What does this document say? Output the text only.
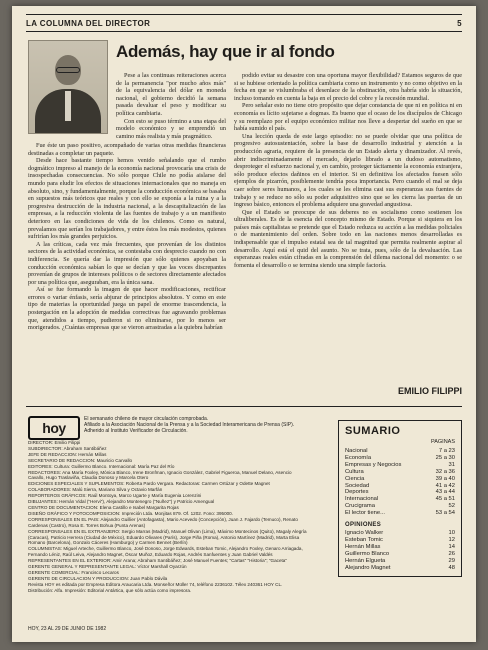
LA COLUMNA DEL DIRECTOR	5
Además, hay que ir al fondo

Pese a las continuas reiteraciones acerca de la permanencia "por mucho años más" de la equivalencia del dólar en moneda nacional, el gobierno decidió la semana pasada devaluar el peso y modificar su política cambiaria.

Con esto se puso término a una etapa del modelo económico y se emprendió un camino más realista y más pragmático.

Fue éste un paso positivo, acompañado de varias otras medidas financieras destinadas a completar un paquete.

Desde hace bastante tiempo hemos venido señalando que el rumbo dogmático impreso al manejo de la economía nacional provocaría una crisis de insospechadas consecuencias. No sólo porque Chile no podía aislarse del mundo para eludir los efectos de situaciones internacionales que no maneja en absoluto, sino, y fundamentalmente, porque la conducción económica se basaba en supuestos más teóricos que reales y con ello se exponía a la ruina y a la progresiva destrucción de la industria nacional, a la descapitalización de las empresas, a la reducción violenta de las fuentes de trabajo y a un manifiesto deterioro en las condiciones de vida de los chilenos. Como es natural, prevalamos que serían los trabajadores, y entre éstos los más modestos, quienes sufrirían los más grandes perjuicios.

A las críticas, cada vez más frecuentes, que provenían de los distintos sectores de la actividad económica, se contestaba con desprecio cuando no con indiferencia. Se quería dar la impresión que sólo quienes apoyaban la conducción económica sabían lo que se decían y que las voces discrepantes provenían de grupos de intereses políticos o de sectores directamente afectados por una política que, aseguraban, era la única sana.

Así se fue formando la imagen de que hacer modificaciones, rectificar errores o variar énfasis, sería abjurar de principios absolutos. Y como en este tipo de materias la oportunidad juega un papel de enorme trascendencia, la postergación en la adopción de medidas correctivas fue agravando problemas que, atendidos a tiempo, pudieron si no eliminarse, por lo menos ser morigerados. ¿Cuántas empresas que se vieron arrastradas a la quiebra habrían

podido evitar su desastre con una oportuna mayor flexibilidad? Estamos seguros de que si se hubiese orientado la política cambiaria como un instrumento y no como objetivo en la fecha en que se vislumbraba el desenlace de la obstinación, otra habría sido la situación, incluso tomando en cuenta la baja en el precio del cobre y la recesión mundial.

Pero señalar esto no tiene otro propósito que dejar constancia de que ni en política ni en economía es lícito sujetarse a dogmas. Es bueno que el ocaso de los discípulos de Chicago y su reemplazo por el equipo económico militar nos lleve a despertar del sueño en que se había sumido el país.

Una lección queda de este largo episodio: no se puede olvidar que una política de progresivo autosustentación, sobre la base de desarrollo industrial y atención a la producción agraria, requiere de la presencia de un Estado alerta y dinamizador. Al revés, abrir indiscriminadamente el mercado, dejarlo librado a un dudoso automatismo, desproteger el esfuerzo nacional y, en cambio, proteger tácitamente la economía extranjera, sólo produce efectos dañinos en el interior. Si en definitiva los afectados fuesen sólo ejemplos de pizarrón, posiblemente tendría poca importancia. Pero cuando el mal se deja caer sobre seres humanos, a los cuales se les elimina casi sus esperanzas sus fuentes de trabajo y se reduce no sólo su poder adquisitivo sino que se les cierra las puertas de un ingreso básico, entonces el problema adquiere una gravedad angustiosa.

Que el Estado se preocupe de sus deberes no es socialismo como sostienen los ultraliberales. Es de la esencia del concepto mismo de Estado. Porque si siquiera en los países más capitalistas se pretende que el Estado reduzca su acción a las medidas policiales o de mantenimiento del orden. Sobre todo en las naciones menos desarrolladas es indispensable que el impulso estatal sea de tal magnitud que permita realmente aspirar al desarrollo. Aquí está el quid del asunto. No se trata, pues, sólo de la devaluación. Las esperanzas reales están cifradas en la comprensión del dilema nacional del momento: o se fomenta el desarrollo o se termina siendo una simple factoría.

EMILIO FILIPPI
hoy
El semanario chileno de mayor circulación comprobada.
Afiliado a la Asociación Nacional de la Prensa y a la Sociedad Interamericana de Prensa (SIP).
Adherido al Instituto Verificador de Circulación.
DIRECTOR: Emilio Filippi
SUBDIRECTOR: Abraham Santibáñez
JEFE DE REDACCION: Hernán Millas
SECRETARIO DE REDACCION: Mauricio Carvallo
EDITORES: Cultura: Guillermo Blanco. Internacional: María Paz del Río
REDACTORES: Ana María Foxley, Mónica Blanco, Irene Bronfman, Ignacio González, Gabriel Figueroa, Manuel Delano, Asencio
Cavallo, Hugo Traslaviña, Claudia Donoso y Marcela Otero
EDICIONES ESPECIALES Y SUPLEMENTOS: Roberta Pardo Vergara. Redactoras: Carmen Ortúzar y Odette Magnet
COLABORADORES: Malú Sierra, Mariano Silva y Octavio Marfán
REPORTEROS GRÁFICOS: Raúl Montoya, Marco Ugarte y María Eugenia Lorenzini
DIBUJANTES: Hernán Vidal ("Hervi"), Alejandro Montenegro ("Nuñez") y Patricio Amengual
CENTRO DE DOCUMENTACION: Elena Castillo e Isabel Margarita Rojas
DISEÑO GRÁFICO Y FOTOCOMPOSICION: Impreción Ltda. Monjitas 879. Of. 1202. Fono: 395000.
CORRESPONSALES EN EL PAIS: Alejandro Guillier (Antofagasta), Mario Acevedo (Concepción), Juan J. Fajardo (Temuco), Renato
Cardenas (Castro), Rosa E. Torres Bohua (Punta Arenas)
CORRESPONSALES EN EL EXTRANJERO: Sergio Marras (Madrid), Manuel Olivan (Lima), Máximo Montecinos (Quito), Magaly Alegría
(Caracas), Patricio Herrera (Ciudad de México), Eduardo Olivares (París), Jorge Piña (Roma), Antonio Martínez (Madrid), Marta Elisa
Romano (Barcelona), Gonzalo Cáceres (Hamburgo) y Carmen Bennet (Berlín)
COLUMNISTAS: Miguel Arteche, Guillermo Blanco, José Donoso, Jorge Edwards, Esteban Tomic, Alejandro Foxley, Genaro Arriagada,
Fernando Léniz, Raúl Leiva, Alejandro Magnet, Óscar Muñoz, Eduardo Rojas, Andrés Sanfuentes y Juan Gabriel Valdés
REPRESENTANTES EN EL EXTERIOR: Amir Arana; Abraham Santibáñez; José Manuel Fuentes; "Cartas" "Historia"; "Gaceta"
GERENTE GENERAL Y REPRESENTANTE LEGAL: Víctor Marshall Oyarzún
GERENTE COMERCIAL: Francisco Lecaros
GERENTE DE CIRCULACION Y PRODUCCION: Juan Pablo Dávila
Revista HOY es editada por Empresa Editora Araucaria Ltda. Monseñor Müller 74, teléfono 2236102. Télex 240361 HOY CL.
Distribución: Alfa. Impresión: Editorial Antártica, que sólo actúa como impresora.
HOY, 23 AL 29 DE JUNIO DE 1982
SUMARIO
PAGINAS
Nacional	7 a 23
Economía	25 a 30
Empresas y Negocios	31
Cultura	32 a 36
Ciencia	39 a 40
Sociedad	41 a 42
Deportes	43 a 44
Internacional	45 a 51
Crucigrama	52
El lector tiene...	53 a 54
OPINIONES
Ignacio Walker	10
Esteban Tomic	12
Hernán Millas	14
Guillermo Blanco	26
Hernán Elgueta	29
Alejandro Magnet	48
